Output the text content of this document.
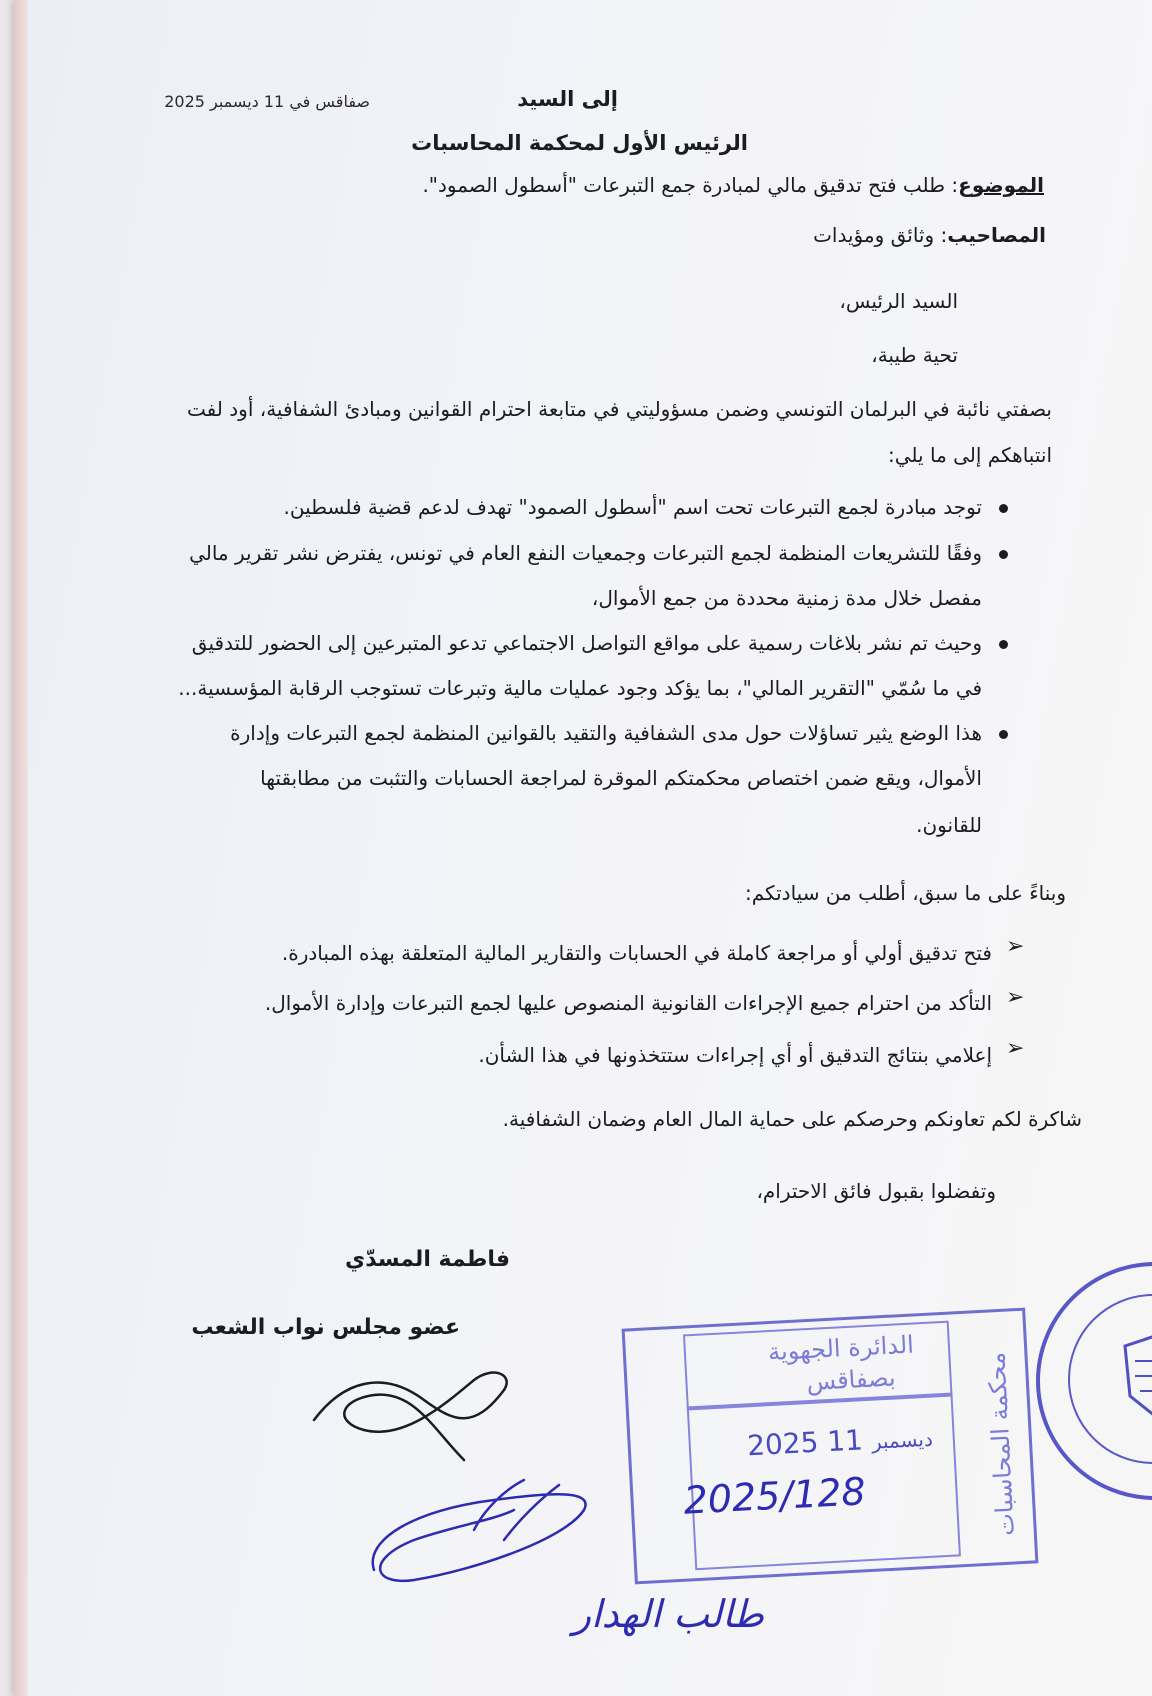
إلى السيد
صفاقس في 11 ديسمبر 2025
الرئيس الأول لمحكمة المحاسبات
الموضوع: طلب فتح تدقيق مالي لمبادرة جمع التبرعات "أسطول الصمود".
المصاحيب: وثائق ومؤيدات
السيد الرئيس،
تحية طيبة،
بصفتي نائبة في البرلمان التونسي وضمن مسؤوليتي في متابعة احترام القوانين ومبادئ الشفافية، أود لفت
انتباهكم إلى ما يلي:
توجد مبادرة لجمع التبرعات تحت اسم "أسطول الصمود" تهدف لدعم قضية فلسطين.
وفقًا للتشريعات المنظمة لجمع التبرعات وجمعيات النفع العام في تونس، يفترض نشر تقرير مالي
مفصل خلال مدة زمنية محددة من جمع الأموال،
وحيث تم نشر بلاغات رسمية على مواقع التواصل الاجتماعي تدعو المتبرعين إلى الحضور للتدقيق
في ما سُمّي "التقرير المالي"، بما يؤكد وجود عمليات مالية وتبرعات تستوجب الرقابة المؤسسية...
هذا الوضع يثير تساؤلات حول مدى الشفافية والتقيد بالقوانين المنظمة لجمع التبرعات وإدارة
الأموال، ويقع ضمن اختصاص محكمتكم الموقرة لمراجعة الحسابات والتثبت من مطابقتها
للقانون.
وبناءً على ما سبق، أطلب من سيادتكم:
➢
فتح تدقيق أولي أو مراجعة كاملة في الحسابات والتقارير المالية المتعلقة بهذه المبادرة.
➢
التأكد من احترام جميع الإجراءات القانونية المنصوص عليها لجمع التبرعات وإدارة الأموال.
➢
إعلامي بنتائج التدقيق أو أي إجراءات ستتخذونها في هذا الشأن.
شاكرة لكم تعاونكم وحرصكم على حماية المال العام وضمان الشفافية.
وتفضلوا بقبول فائق الاحترام،
فاطمة المسدّي
عضو مجلس نواب الشعب
الدائرة الجهوية
بصفاقس
2025	ديسمبر 11
2025/128	محكمة المحاسبات
طالب الهدار
